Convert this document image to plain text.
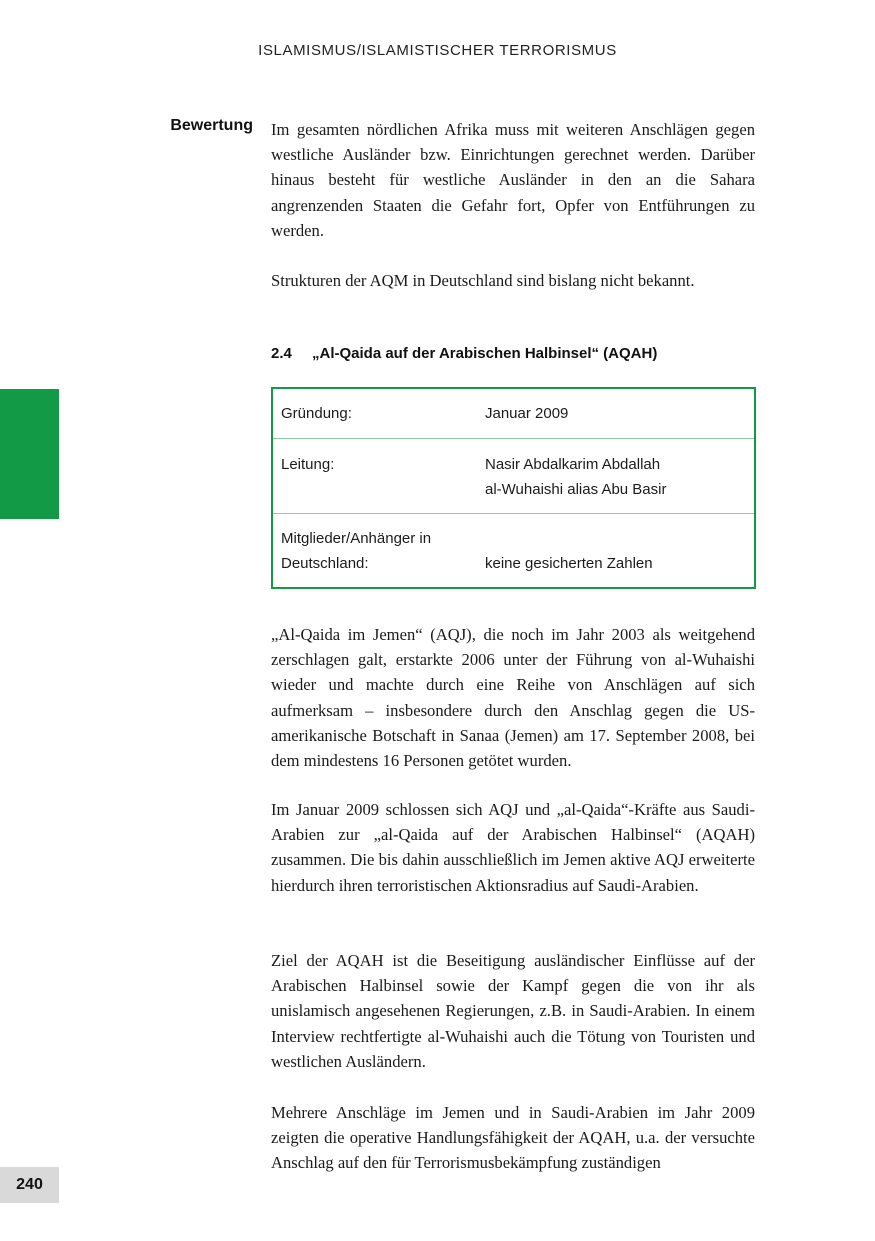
ISLAMISMUS/ISLAMISTISCHER TERRORISMUS
Bewertung Im gesamten nördlichen Afrika muss mit weiteren Anschlägen gegen westliche Ausländer bzw. Einrichtungen gerechnet werden. Darüber hinaus besteht für westliche Ausländer in den an die Sahara angrenzenden Staaten die Gefahr fort, Opfer von Entführungen zu werden.
Strukturen der AQM in Deutschland sind bislang nicht bekannt.
2.4 „Al-Qaida auf der Arabischen Halbinsel“ (AQAH)
Gründung:	Januar 2009
Leitung:	Nasir Abdalkarim Abdallah
al-Wuhaishi alias Abu Basir
Mitglieder/Anhänger in
Deutschland:	keine gesicherten Zahlen
„Al-Qaida im Jemen“ (AQJ), die noch im Jahr 2003 als weitgehend zerschlagen galt, erstarkte 2006 unter der Führung von al-Wuhaishi wieder und machte durch eine Reihe von Anschlägen auf sich aufmerksam – insbesondere durch den Anschlag gegen die US-amerikanische Botschaft in Sanaa (Jemen) am 17. September 2008, bei dem mindestens 16 Personen getötet wurden.
Im Januar 2009 schlossen sich AQJ und „al-Qaida“-Kräfte aus Saudi-Arabien zur „al-Qaida auf der Arabischen Halbinsel“ (AQAH) zusammen. Die bis dahin ausschließlich im Jemen aktive AQJ erweiterte hierdurch ihren terroristischen Aktionsradius auf Saudi-Arabien.
Ziel der AQAH ist die Beseitigung ausländischer Einflüsse auf der Arabischen Halbinsel sowie der Kampf gegen die von ihr als unislamisch angesehenen Regierungen, z.B. in Saudi-Arabien. In einem Interview rechtfertigte al-Wuhaishi auch die Tötung von Touristen und westlichen Ausländern.
Mehrere Anschläge im Jemen und in Saudi-Arabien im Jahr 2009 zeigten die operative Handlungsfähigkeit der AQAH, u.a. der versuchte Anschlag auf den für Terrorismusbekämpfung zuständigen
240
